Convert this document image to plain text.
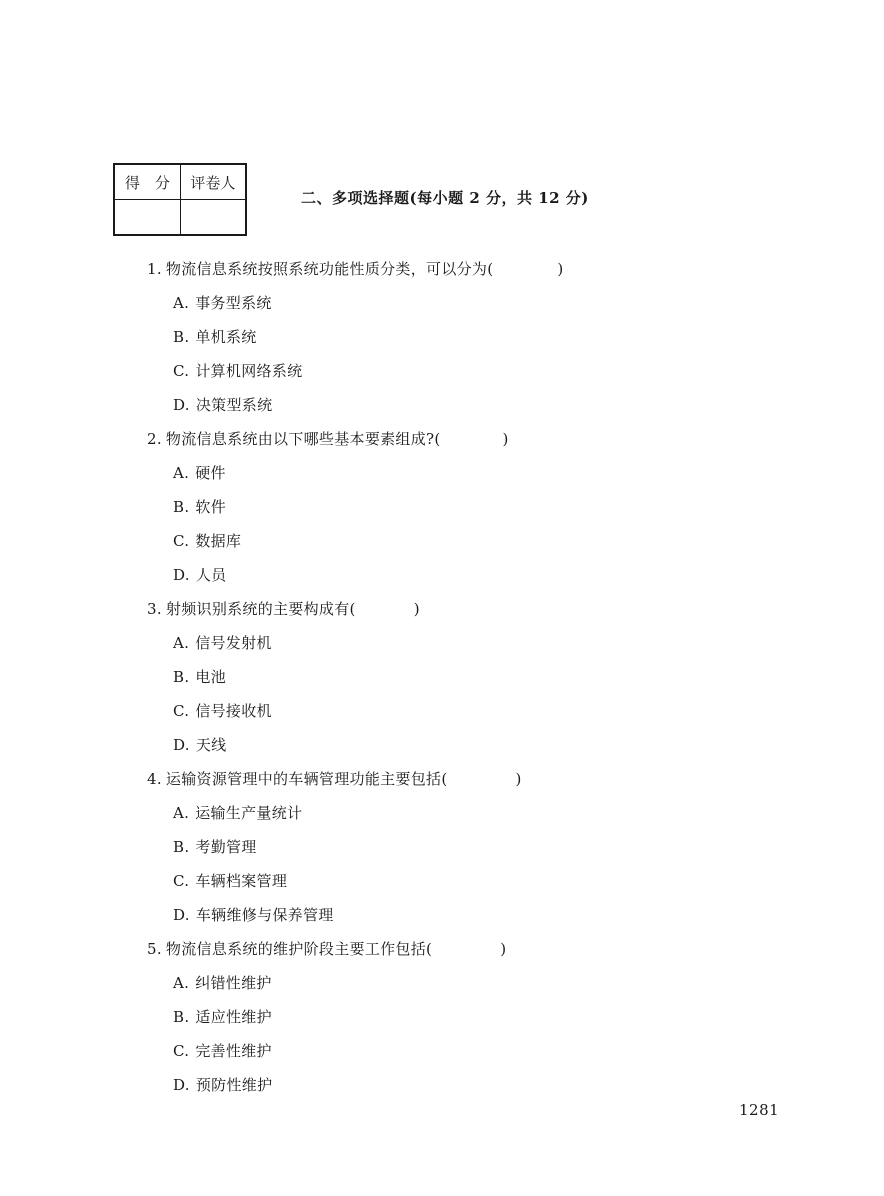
得　分	评卷人

二、多项选择题(每小题 2 分，共 12 分)
1. 物流信息系统按照系统功能性质分类，可以分为(	)
A. 事务型系统
B. 单机系统
C. 计算机网络系统
D. 决策型系统
2. 物流信息系统由以下哪些基本要素组成?(	)
A. 硬件
B. 软件
C. 数据库
D. 人员
3. 射频识别系统的主要构成有(	)
A. 信号发射机
B. 电池
C. 信号接收机
D. 天线
4. 运输资源管理中的车辆管理功能主要包括(	)
A. 运输生产量统计
B. 考勤管理
C. 车辆档案管理
D. 车辆维修与保养管理
5. 物流信息系统的维护阶段主要工作包括(	)
A. 纠错性维护
B. 适应性维护
C. 完善性维护
D. 预防性维护
1281
